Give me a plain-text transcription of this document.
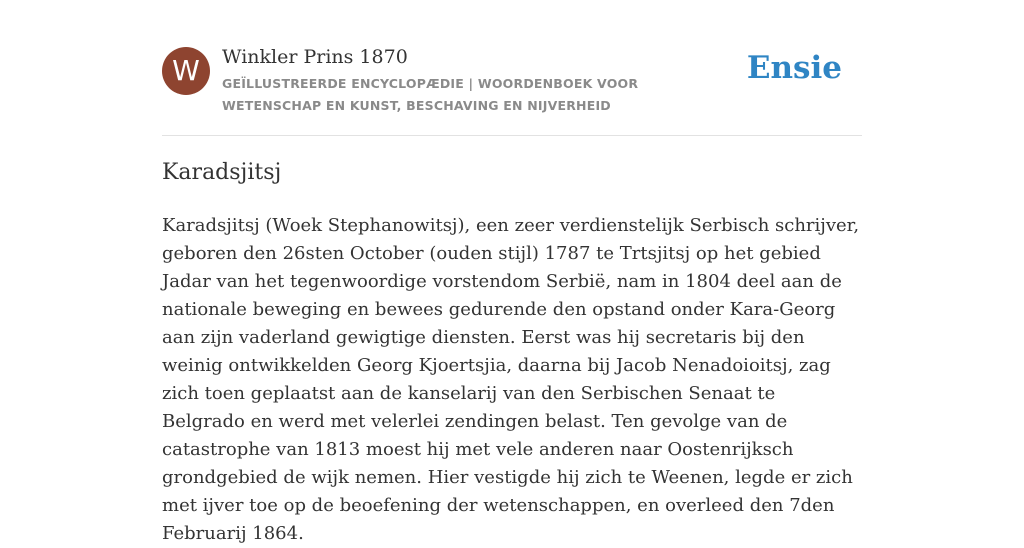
W	Winkler Prins 1870
GEÏLLUSTREERDE ENCYCLOPÆDIE | WOORDENBOEK VOOR WETENSCHAP EN KUNST, BESCHAVING EN NIJVERHEID
Ensie
Karadsjitsj

Karadsjitsj (Woek Stephanowitsj), een zeer verdienstelijk Serbisch schrijver, geboren den 26sten October (ouden stijl) 1787 te Trtsjitsj op het gebied Jadar van het tegenwoordige vorstendom Serbië, nam in 1804 deel aan de nationale beweging en bewees gedurende den opstand onder Kara-Georg aan zijn vaderland gewigtige diensten. Eerst was hij secretaris bij den weinig ontwikkelden Georg Kjoertsjia, daarna bij Jacob Nenadoioitsj, zag zich toen geplaatst aan de kanselarij van den Serbischen Senaat te Belgrado en werd met velerlei zendingen belast. Ten gevolge van de catastrophe van 1813 moest hij met vele anderen naar Oostenrijksch grondgebied de wijk nemen. Hier vestigde hij zich te Weenen, legde er zich met ijver toe op de beoefening der wetenschappen, en overleed den 7den Februarij 1864.
